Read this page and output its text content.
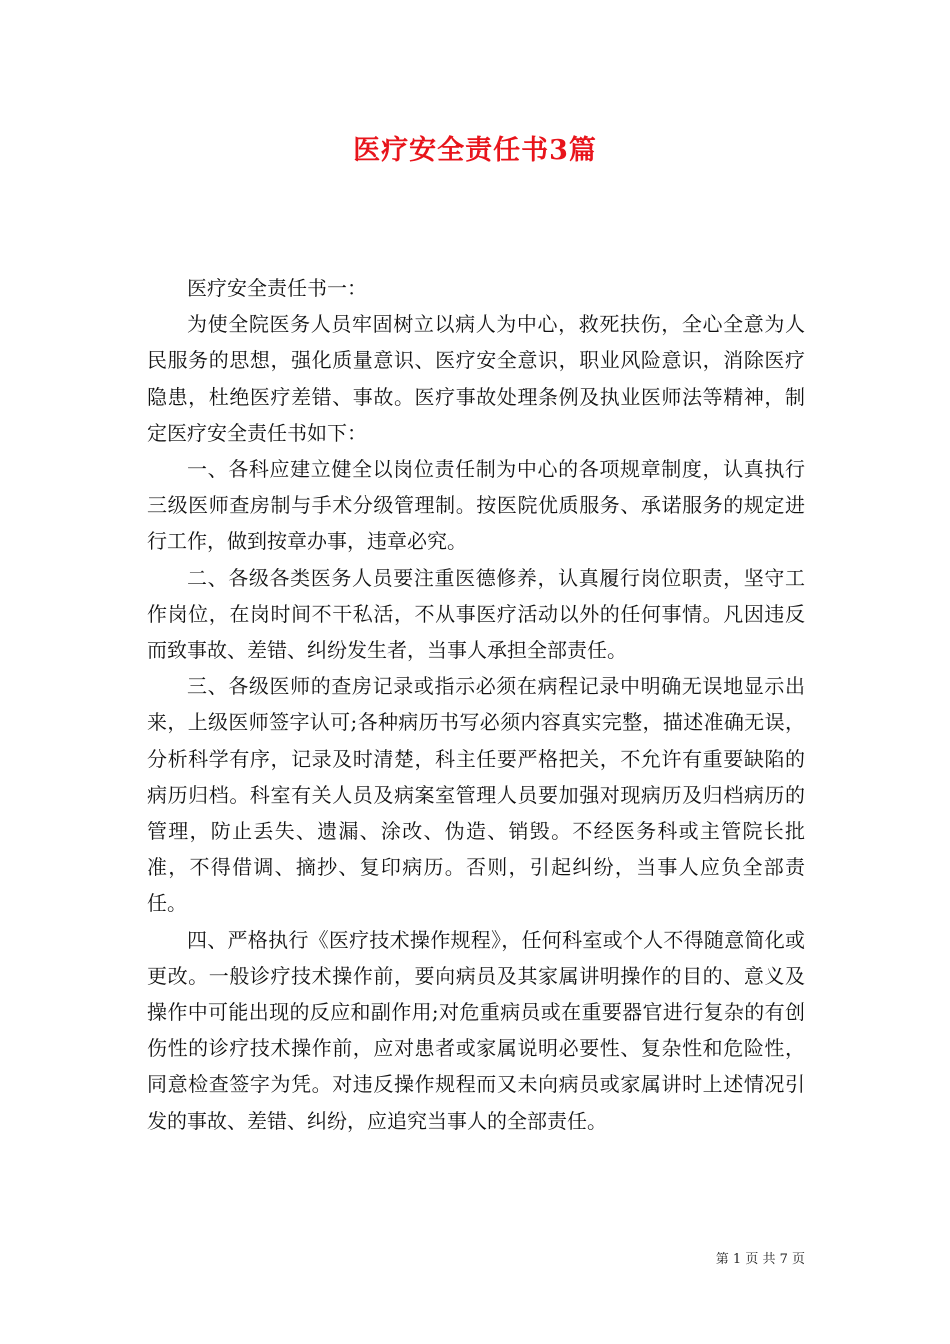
医疗安全责任书3篇

医疗安全责任书一：

为使全院医务人员牢固树立以病人为中心，救死扶伤，全心全意为人民服务的思想，强化质量意识、医疗安全意识，职业风险意识，消除医疗隐患，杜绝医疗差错、事故。医疗事故处理条例及执业医师法等精神，制定医疗安全责任书如下：

一、各科应建立健全以岗位责任制为中心的各项规章制度，认真执行三级医师查房制与手术分级管理制。按医院优质服务、承诺服务的规定进行工作，做到按章办事，违章必究。

二、各级各类医务人员要注重医德修养，认真履行岗位职责，坚守工作岗位，在岗时间不干私活，不从事医疗活动以外的任何事情。凡因违反而致事故、差错、纠纷发生者，当事人承担全部责任。

三、各级医师的查房记录或指示必须在病程记录中明确无误地显示出来，上级医师签字认可;各种病历书写必须内容真实完整，描述准确无误，分析科学有序，记录及时清楚，科主任要严格把关，不允许有重要缺陷的病历归档。科室有关人员及病案室管理人员要加强对现病历及归档病历的管理，防止丢失、遗漏、涂改、伪造、销毁。不经医务科或主管院长批准，不得借调、摘抄、复印病历。否则，引起纠纷，当事人应负全部责任。

四、严格执行《医疗技术操作规程》，任何科室或个人不得随意简化或更改。一般诊疗技术操作前，要向病员及其家属讲明操作的目的、意义及操作中可能出现的反应和副作用;对危重病员或在重要器官进行复杂的有创伤性的诊疗技术操作前，应对患者或家属说明必要性、复杂性和危险性，同意检查签字为凭。对违反操作规程而又未向病员或家属讲时上述情况引发的事故、差错、纠纷，应追究当事人的全部责任。

第 1 页 共 7 页
